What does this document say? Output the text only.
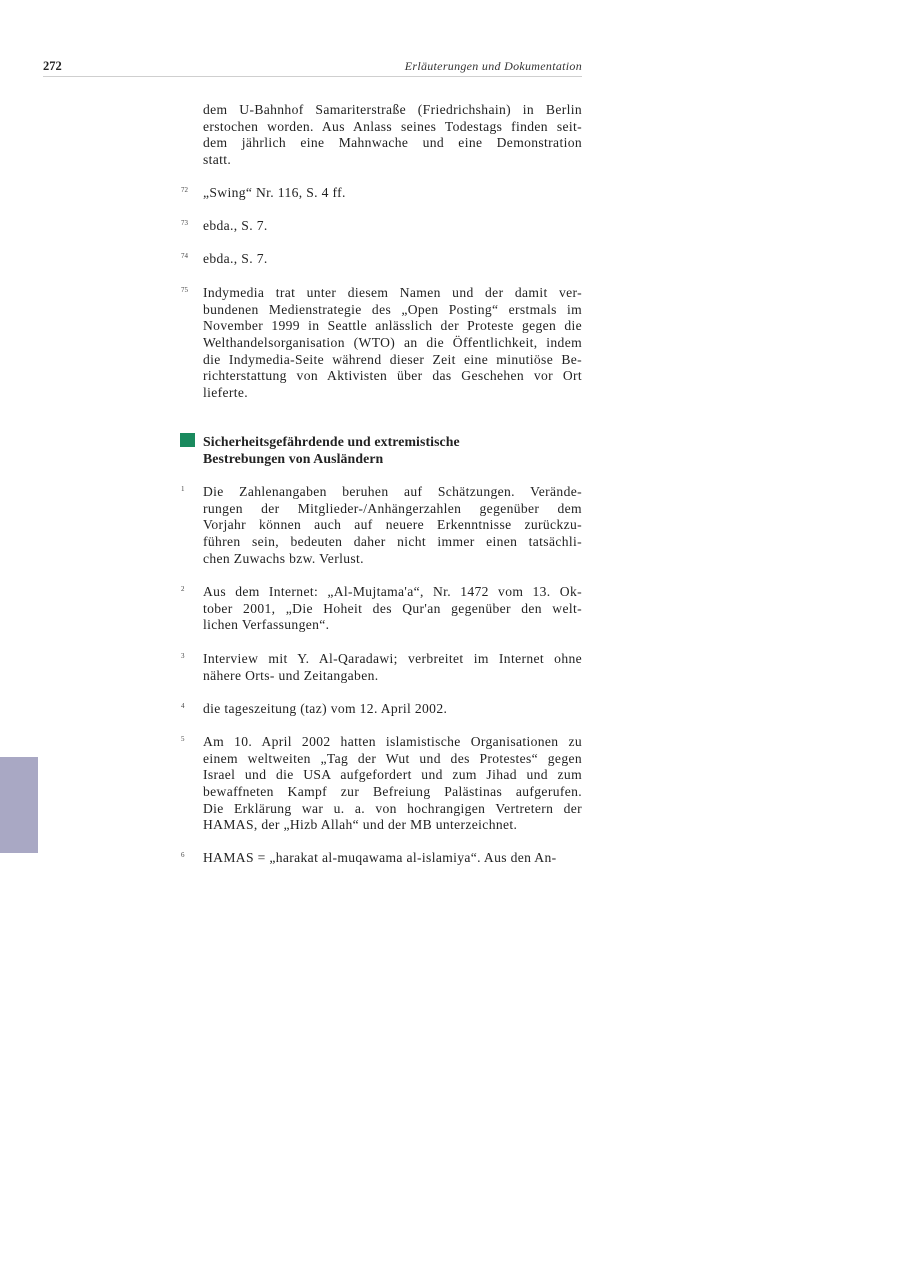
272	Erläuterungen und Dokumentation
dem U-Bahnhof Samariterstraße (Friedrichshain) in Berlin
erstochen worden. Aus Anlass seines Todestags finden seit-
dem jährlich eine Mahnwache und eine Demonstration
statt.
„Swing“ Nr. 116, S. 4 ff.
72
ebda., S. 7.
73
ebda., S. 7.
74
Indymedia trat unter diesem Namen und der damit ver-
bundenen Medienstrategie des „Open Posting“ erstmals im
November 1999 in Seattle anlässlich der Proteste gegen die
Welthandelsorganisation (WTO) an die Öffentlichkeit, indem
die Indymedia-Seite während dieser Zeit eine minutiöse Be-
richterstattung von Aktivisten über das Geschehen vor Ort
lieferte.
75
Sicherheitsgefährdende und extremistische
Bestrebungen von Ausländern
Die Zahlenangaben beruhen auf Schätzungen. Verände-
rungen der Mitglieder-/Anhängerzahlen gegenüber dem
Vorjahr können auch auf neuere Erkenntnisse zurückzu-
führen sein, bedeuten daher nicht immer einen tatsächli-
chen Zuwachs bzw. Verlust.
1
Aus dem Internet: „Al-Mujtama'a“, Nr. 1472 vom 13. Ok-
tober 2001, „Die Hoheit des Qur'an gegenüber den welt-
lichen Verfassungen“.
2
Interview mit Y. Al-Qaradawi; verbreitet im Internet ohne
nähere Orts- und Zeitangaben.
3
die tageszeitung (taz) vom 12. April 2002.
4
Am 10. April 2002 hatten islamistische Organisationen zu
einem weltweiten „Tag der Wut und des Protestes“ gegen
Israel und die USA aufgefordert und zum Jihad und zum
bewaffneten Kampf zur Befreiung Palästinas aufgerufen.
Die Erklärung war u. a. von hochrangigen Vertretern der
HAMAS, der „Hizb Allah“ und der MB unterzeichnet.
5
HAMAS = „harakat al-muqawama al-islamiya“. Aus den An-
6
